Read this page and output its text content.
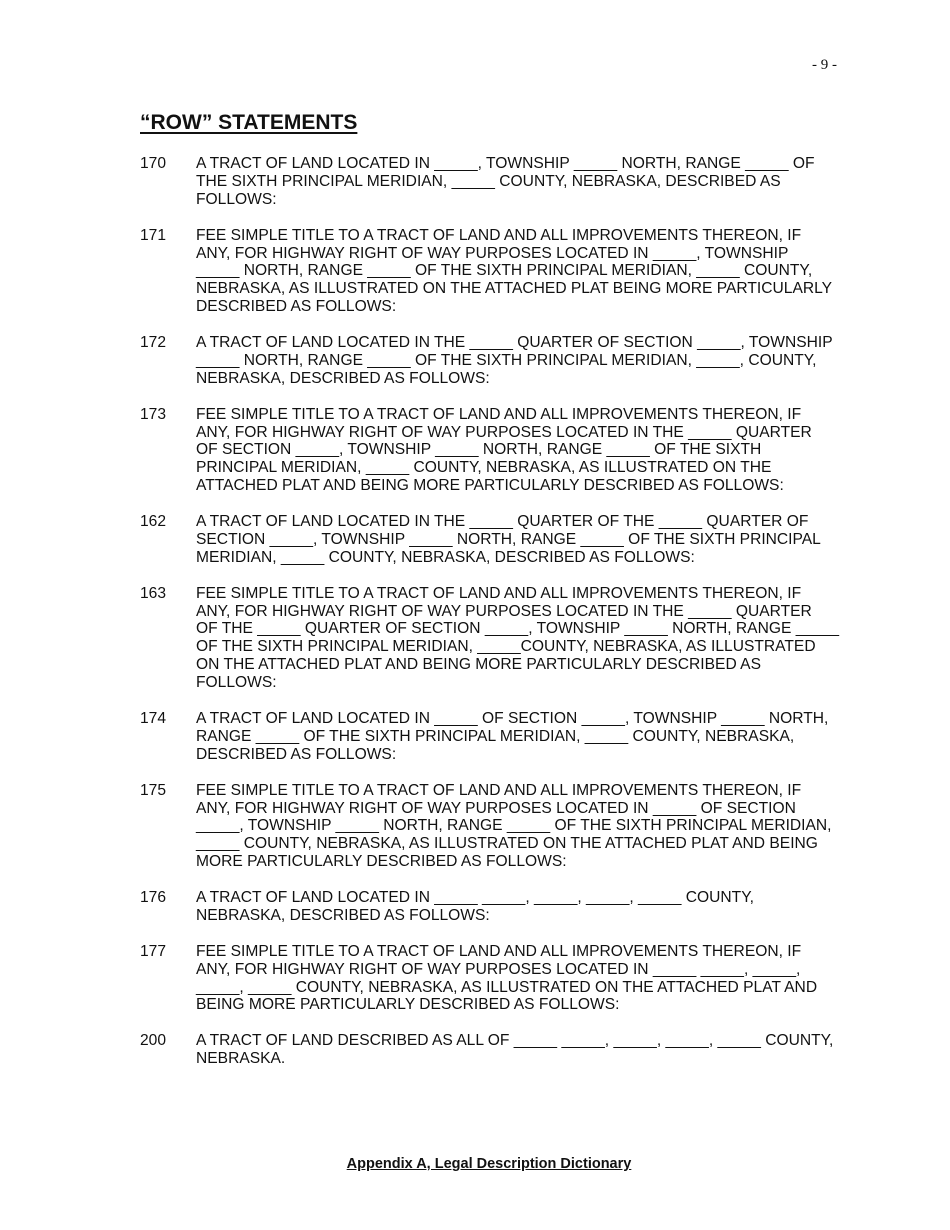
- 9 -
“ROW” STATEMENTS
170 A TRACT OF LAND LOCATED IN _____, TOWNSHIP _____ NORTH, RANGE _____ OF
THE SIXTH PRINCIPAL MERIDIAN, _____ COUNTY, NEBRASKA, DESCRIBED AS
FOLLOWS:
171 FEE SIMPLE TITLE TO A TRACT OF LAND AND ALL IMPROVEMENTS THEREON, IF
ANY, FOR HIGHWAY RIGHT OF WAY PURPOSES LOCATED IN _____, TOWNSHIP
_____ NORTH, RANGE _____ OF THE SIXTH PRINCIPAL MERIDIAN, _____ COUNTY,
NEBRASKA, AS ILLUSTRATED ON THE ATTACHED PLAT BEING MORE PARTICULARLY
DESCRIBED AS FOLLOWS:
172 A TRACT OF LAND LOCATED IN THE _____ QUARTER OF SECTION _____, TOWNSHIP
_____ NORTH, RANGE _____ OF THE SIXTH PRINCIPAL MERIDIAN, _____, COUNTY,
NEBRASKA, DESCRIBED AS FOLLOWS:
173 FEE SIMPLE TITLE TO A TRACT OF LAND AND ALL IMPROVEMENTS THEREON, IF
ANY, FOR HIGHWAY RIGHT OF WAY PURPOSES LOCATED IN THE _____ QUARTER
OF SECTION _____, TOWNSHIP _____ NORTH, RANGE _____ OF THE SIXTH
PRINCIPAL MERIDIAN, _____ COUNTY, NEBRASKA, AS ILLUSTRATED ON THE
ATTACHED PLAT AND BEING MORE PARTICULARLY DESCRIBED AS FOLLOWS:
162 A TRACT OF LAND LOCATED IN THE _____ QUARTER OF THE _____ QUARTER OF
SECTION _____, TOWNSHIP _____ NORTH, RANGE _____ OF THE SIXTH PRINCIPAL
MERIDIAN, _____ COUNTY, NEBRASKA, DESCRIBED AS FOLLOWS:
163 FEE SIMPLE TITLE TO A TRACT OF LAND AND ALL IMPROVEMENTS THEREON, IF
ANY, FOR HIGHWAY RIGHT OF WAY PURPOSES LOCATED IN THE _____ QUARTER
OF THE _____ QUARTER OF SECTION _____, TOWNSHIP _____ NORTH, RANGE _____
OF THE SIXTH PRINCIPAL MERIDIAN, _____COUNTY, NEBRASKA, AS ILLUSTRATED
ON THE ATTACHED PLAT AND BEING MORE PARTICULARLY DESCRIBED AS
FOLLOWS:
174 A TRACT OF LAND LOCATED IN _____ OF SECTION _____, TOWNSHIP _____ NORTH,
RANGE _____ OF THE SIXTH PRINCIPAL MERIDIAN, _____ COUNTY, NEBRASKA,
DESCRIBED AS FOLLOWS:
175 FEE SIMPLE TITLE TO A TRACT OF LAND AND ALL IMPROVEMENTS THEREON, IF
ANY, FOR HIGHWAY RIGHT OF WAY PURPOSES LOCATED IN _____ OF SECTION
_____, TOWNSHIP _____ NORTH, RANGE _____ OF THE SIXTH PRINCIPAL MERIDIAN,
_____ COUNTY, NEBRASKA, AS ILLUSTRATED ON THE ATTACHED PLAT AND BEING
MORE PARTICULARLY DESCRIBED AS FOLLOWS:
176 A TRACT OF LAND LOCATED IN _____ _____, _____, _____, _____ COUNTY,
NEBRASKA, DESCRIBED AS FOLLOWS:
177 FEE SIMPLE TITLE TO A TRACT OF LAND AND ALL IMPROVEMENTS THEREON, IF
ANY, FOR HIGHWAY RIGHT OF WAY PURPOSES LOCATED IN _____ _____, _____,
_____, _____ COUNTY, NEBRASKA, AS ILLUSTRATED ON THE ATTACHED PLAT AND
BEING MORE PARTICULARLY DESCRIBED AS FOLLOWS:
200 A TRACT OF LAND DESCRIBED AS ALL OF _____ _____, _____, _____, _____ COUNTY,
NEBRASKA.
Appendix A, Legal Description Dictionary
